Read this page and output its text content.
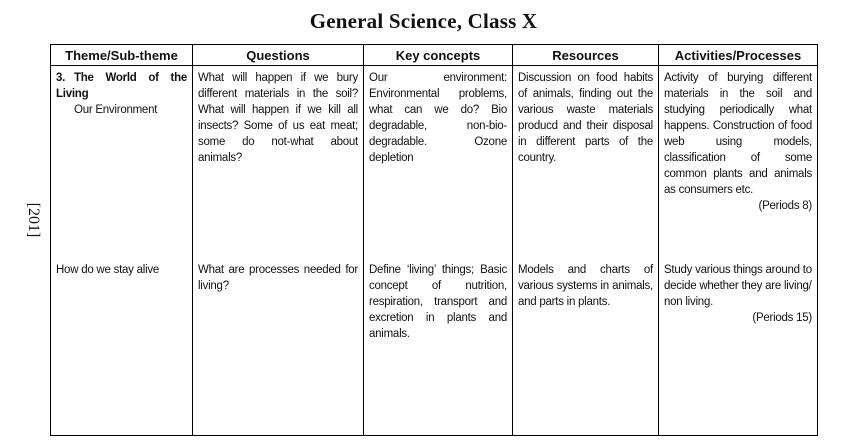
General Science, Class X
[201]
Theme/Sub-theme	Questions	Key concepts	Resources	Activities/Processes

3. The World of the Living
Our Environment	What will happen if we bury different materials in the soil? What will happen if we kill all insects? Some of us eat meat; some do not-what about animals?	Our environment: Environmental problems, what can we do? Bio degradable, non-bio-degradable. Ozone depletion	Discussion on food habits of animals, finding out the various waste materials producd and their disposal in different parts of the country.	Activity of burying different materials in the soil and studying periodically what happens. Construction of food web using models, classification of some common plants and animals as consumers etc.
(Periods 8)

How do we stay alive	What are processes needed for living?	Define ‘living’ things; Basic concept of nutrition, respiration, transport and excretion in plants and animals.	Models and charts of various systems in animals, and parts in plants.	Study various things around to decide whether they are living/ non living.
(Periods 15)
